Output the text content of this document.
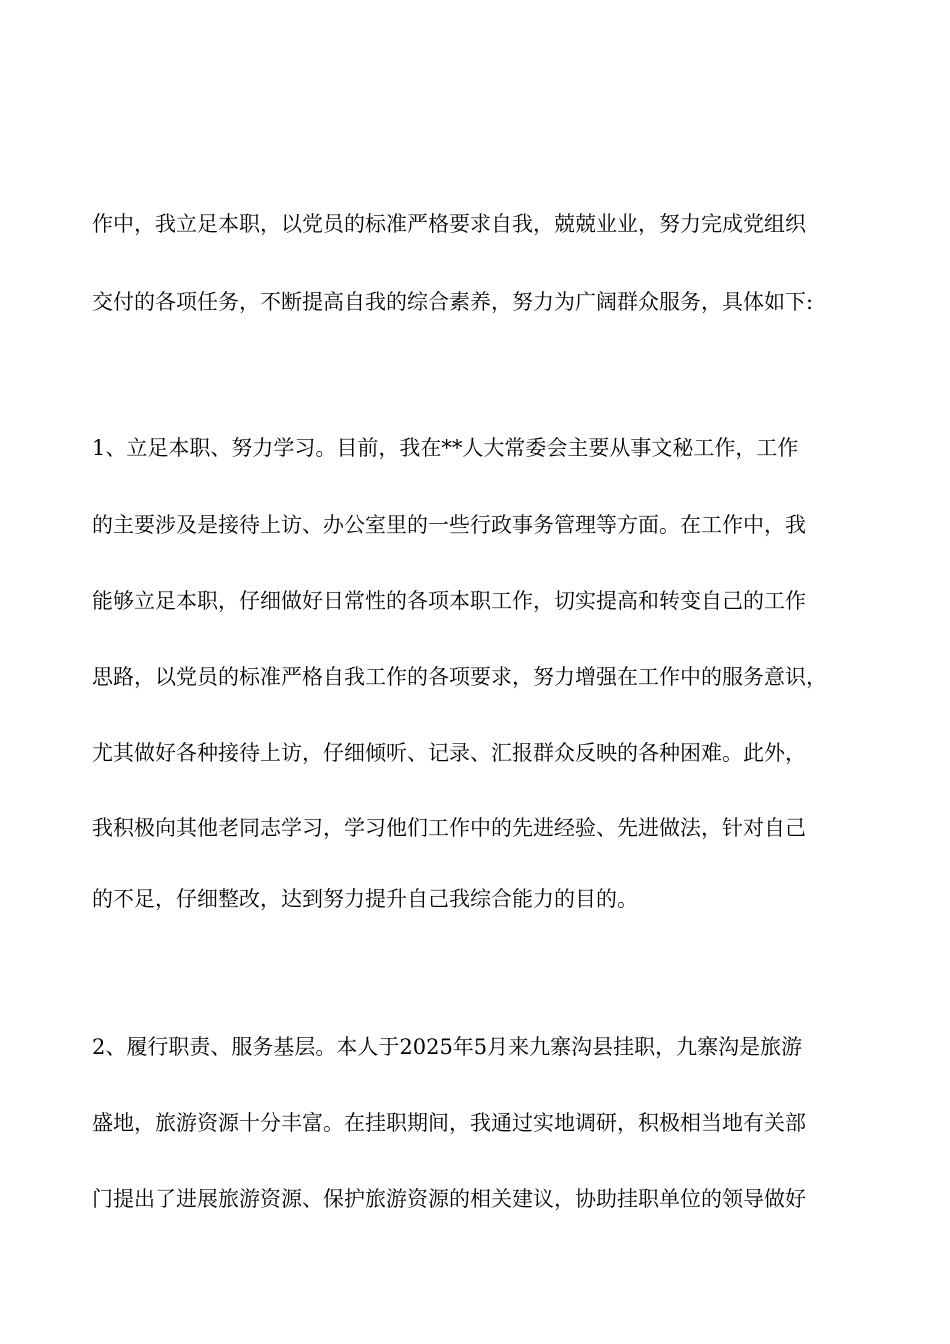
作中，我立足本职，以党员的标准严格要求自我，兢兢业业，努力完成党组织
交付的各项任务，不断提高自我的综合素养，努力为广阔群众服务，具体如下:
1、立足本职、努力学习。目前，我在**人大常委会主要从事文秘工作，工作
的主要涉及是接待上访、办公室里的一些行政事务管理等方面。在工作中，我
能够立足本职，仔细做好日常性的各项本职工作，切实提高和转变自己的工作
思路，以党员的标准严格自我工作的各项要求，努力增强在工作中的服务意识，
尤其做好各种接待上访，仔细倾听、记录、汇报群众反映的各种困难。此外，
我积极向其他老同志学习，学习他们工作中的先进经验、先进做法，针对自己
的不足，仔细整改，达到努力提升自己我综合能力的目的。
2、履行职责、服务基层。本人于2025年5月来九寨沟县挂职，九寨沟是旅游
盛地，旅游资源十分丰富。在挂职期间，我通过实地调研，积极相当地有关部
门提出了进展旅游资源、保护旅游资源的相关建议，协助挂职单位的领导做好
